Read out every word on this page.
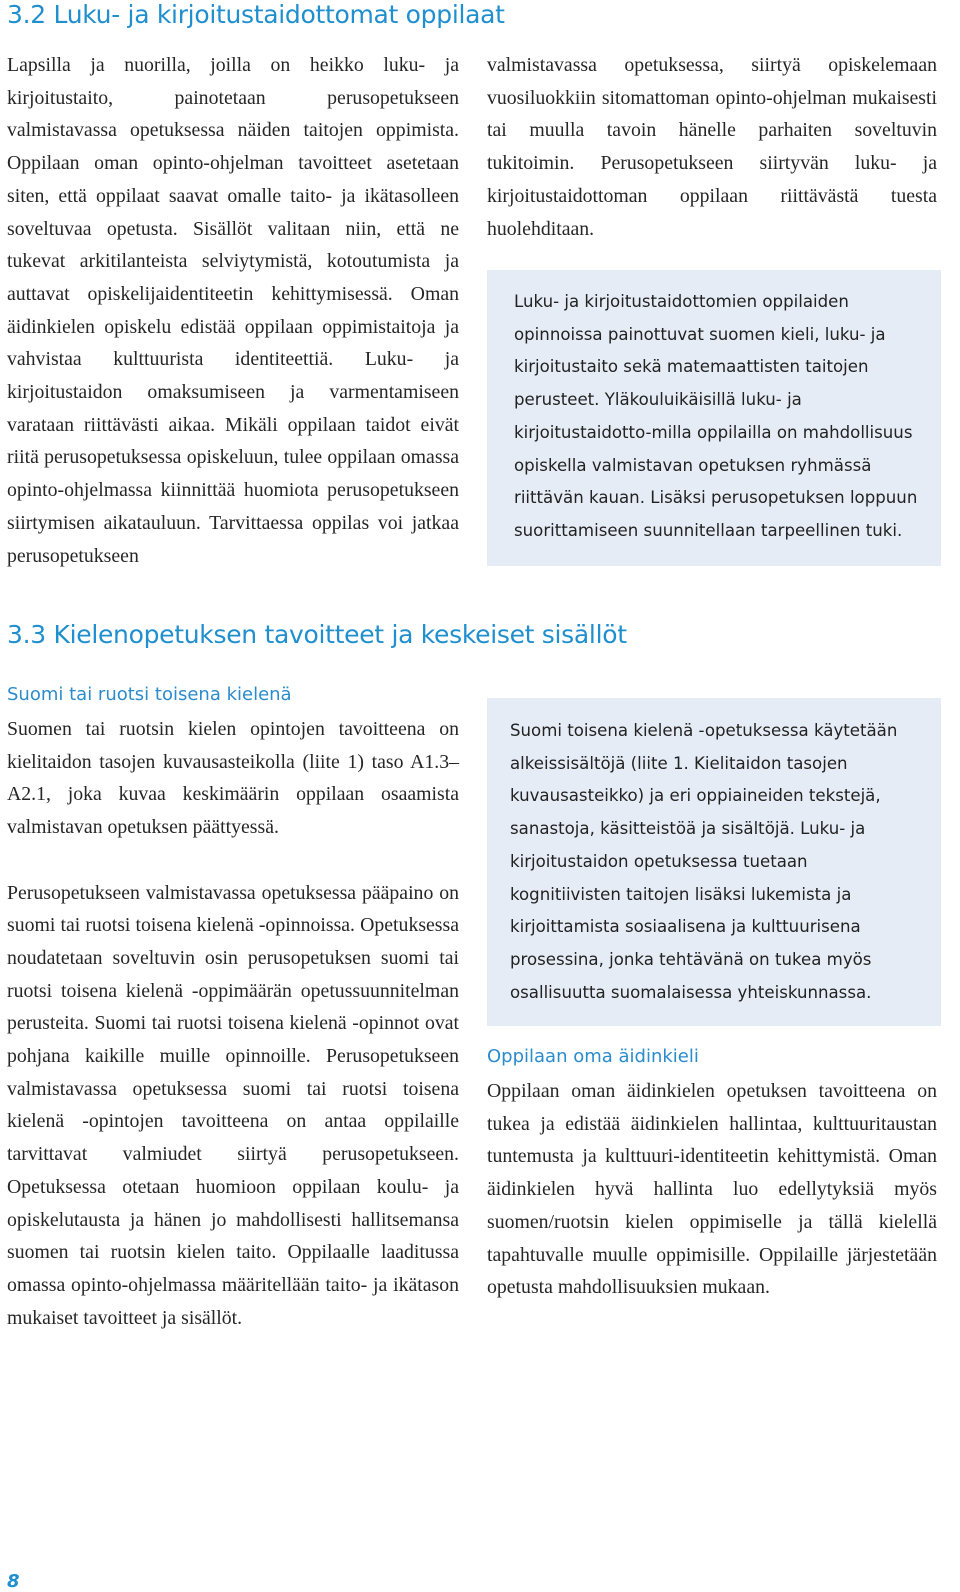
3.2 Luku- ja kirjoitustaidottomat oppilaat

Lapsilla ja nuorilla, joilla on heikko luku- ja kirjoitustaito, painotetaan perusopetukseen valmistavassa opetuksessa näiden taitojen oppimista. Oppilaan oman opinto-ohjelman tavoitteet asetetaan siten, että oppilaat saavat omalle taito- ja ikätasolleen soveltuvaa opetusta. Sisällöt valitaan niin, että ne tukevat arkitilanteista selviytymistä, kotoutumista ja auttavat opiskelijaidentiteetin kehittymisessä. Oman äidinkielen opiskelu edistää oppilaan oppimistaitoja ja vahvistaa kulttuurista identiteettiä. Luku- ja kirjoitustaidon omaksumiseen ja varmentamiseen varataan riittävästi aikaa. Mikäli oppilaan taidot eivät riitä perusopetuksessa opiskeluun, tulee oppilaan omassa opinto-ohjelmassa kiinnittää huomiota perusopetukseen siirtymisen aikatauluun. Tarvittaessa oppilas voi jatkaa perusopetukseen

valmistavassa opetuksessa, siirtyä opiskelemaan vuosiluokkiin sitomattoman opinto-ohjelman mukaisesti tai muulla tavoin hänelle parhaiten soveltuvin tukitoimin. Perusopetukseen siirtyvän luku- ja kirjoitustaidottoman oppilaan riittävästä tuesta huolehditaan.

Luku- ja kirjoitustaidottomien oppilaiden opinnoissa painottuvat suomen kieli, luku- ja kirjoitustaito sekä matemaattisten taitojen perusteet. Yläkouluikäisillä luku- ja kirjoitustaidotto-milla oppilailla on mahdollisuus opiskella valmistavan opetuksen ryhmässä riittävän kauan. Lisäksi perusopetuksen loppuun suorittamiseen suunnitellaan tarpeellinen tuki.
3.3 Kielenopetuksen tavoitteet ja keskeiset sisällöt
Suomi tai ruotsi toisena kielenä

Suomen tai ruotsin kielen opintojen tavoitteena on kielitaidon tasojen kuvausasteikolla (liite 1) taso A1.3–A2.1, joka kuvaa keskimäärin oppilaan osaamista valmistavan opetuksen päättyessä.

Perusopetukseen valmistavassa opetuksessa pääpaino on suomi tai ruotsi toisena kielenä -opinnoissa. Opetuksessa noudatetaan soveltuvin osin perusopetuksen suomi tai ruotsi toisena kielenä -oppimäärän opetussuunnitelman perusteita. Suomi tai ruotsi toisena kielenä -opinnot ovat pohjana kaikille muille opinnoille. Perusopetukseen valmistavassa opetuksessa suomi tai ruotsi toisena kielenä -opintojen tavoitteena on antaa oppilaille tarvittavat valmiudet siirtyä perusopetukseen. Opetuksessa otetaan huomioon oppilaan koulu- ja opiskelutausta ja hänen jo mahdollisesti hallitsemansa suomen tai ruotsin kielen taito. Oppilaalle laaditussa omassa opinto-ohjelmassa määritellään taito- ja ikätason mukaiset tavoitteet ja sisällöt.

Suomi toisena kielenä -opetuksessa käytetään alkeissisältöjä (liite 1. Kielitaidon tasojen kuvausasteikko) ja eri oppiaineiden tekstejä, sanastoja, käsitteistöä ja sisältöjä. Luku- ja kirjoitustaidon opetuksessa tuetaan kognitiivisten taitojen lisäksi lukemista ja kirjoittamista sosiaalisena ja kulttuurisena prosessina, jonka tehtävänä on tukea myös osallisuutta suomalaisessa yhteiskunnassa.
Oppilaan oma äidinkieli

Oppilaan oman äidinkielen opetuksen tavoitteena on tukea ja edistää äidinkielen hallintaa, kulttuuritaustan tuntemusta ja kulttuuri-identiteetin kehittymistä. Oman äidinkielen hyvä hallinta luo edellytyksiä myös suomen/ruotsin kielen oppimiselle ja tällä kielellä tapahtuvalle muulle oppimisille. Oppilaille järjestetään opetusta mahdollisuuksien mukaan.

8
